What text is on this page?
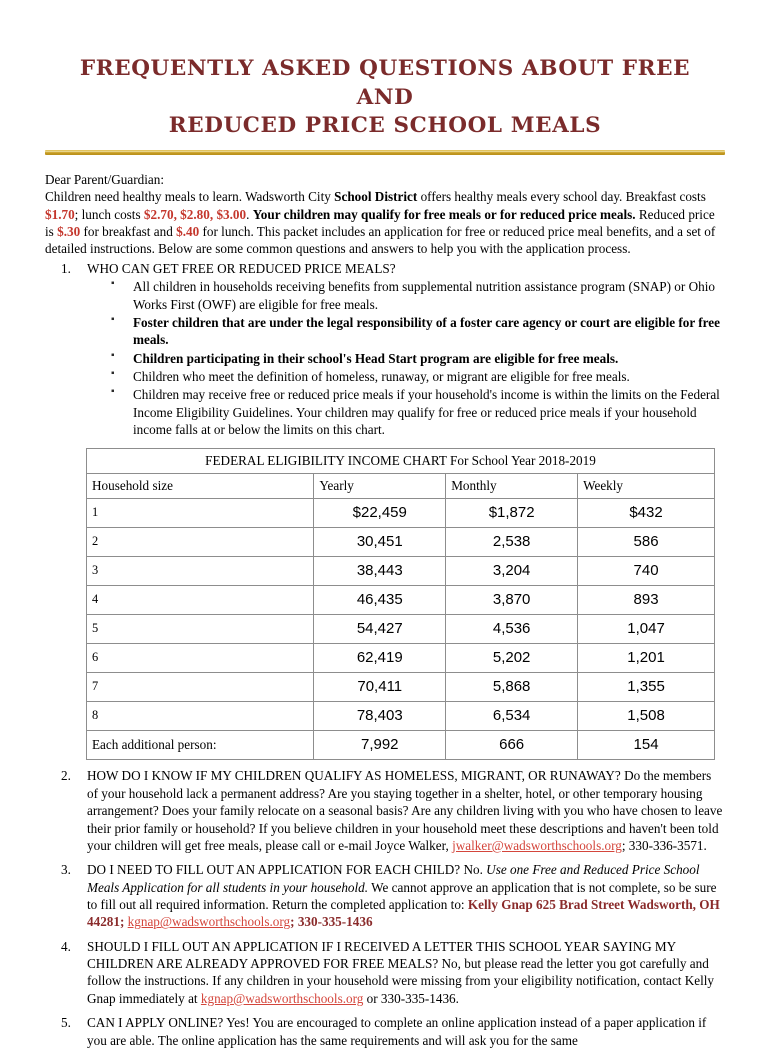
FREQUENTLY ASKED QUESTIONS ABOUT FREE AND
REDUCED PRICE SCHOOL MEALS

Dear Parent/Guardian:

Children need healthy meals to learn. Wadsworth City School District offers healthy meals every school day. Breakfast costs $1.70; lunch costs $2.70, $2.80, $3.00. Your children may qualify for free meals or for reduced price meals. Reduced price is $.30 for breakfast and $.40 for lunch. This packet includes an application for free or reduced price meal benefits, and a set of detailed instructions. Below are some common questions and answers to help you with the application process.

WHO CAN GET FREE OR REDUCED PRICE MEALS?
▪ All children in households receiving benefits from supplemental nutrition assistance program (SNAP) or Ohio Works First (OWF) are eligible for free meals.
▪ Foster children that are under the legal responsibility of a foster care agency or court are eligible for free meals.
▪ Children participating in their school's Head Start program are eligible for free meals.
▪ Children who meet the definition of homeless, runaway, or migrant are eligible for free meals.
▪ Children may receive free or reduced price meals if your household's income is within the limits on the Federal Income Eligibility Guidelines. Your children may qualify for free or reduced price meals if your household income falls at or below the limits on this chart.
FEDERAL ELIGIBILITY INCOME CHART For School Year 2018-2019			
Household size	Yearly	Monthly	Weekly
1	$22,459	$1,872	$432
2	30,451	2,538	586
3	38,443	3,204	740
4	46,435	3,870	893
5	54,427	4,536	1,047
6	62,419	5,202	1,201
7	70,411	5,868	1,355
8	78,403	6,534	1,508
Each additional person:	7,992	666	154
HOW DO I KNOW IF MY CHILDREN QUALIFY AS HOMELESS, MIGRANT, OR RUNAWAY? Do the members of your household lack a permanent address? Are you staying together in a shelter, hotel, or other temporary housing arrangement? Does your family relocate on a seasonal basis? Are any children living with you who have chosen to leave their prior family or household? If you believe children in your household meet these descriptions and haven't been told your children will get free meals, please call or e-mail Joyce Walker, jwalker@wadsworthschools.org; 330-336-3571.
DO I NEED TO FILL OUT AN APPLICATION FOR EACH CHILD? No. Use one Free and Reduced Price School Meals Application for all students in your household. We cannot approve an application that is not complete, so be sure to fill out all required information. Return the completed application to: Kelly Gnap 625 Brad Street Wadsworth, OH 44281; kgnap@wadsworthschools.org; 330-335-1436
SHOULD I FILL OUT AN APPLICATION IF I RECEIVED A LETTER THIS SCHOOL YEAR SAYING MY CHILDREN ARE ALREADY APPROVED FOR FREE MEALS? No, but please read the letter you got carefully and follow the instructions. If any children in your household were missing from your eligibility notification, contact Kelly Gnap immediately at kgnap@wadsworthschools.org or 330-335-1436.
CAN I APPLY ONLINE? Yes! You are encouraged to complete an online application instead of a paper application if you are able. The online application has the same requirements and will ask you for the same
